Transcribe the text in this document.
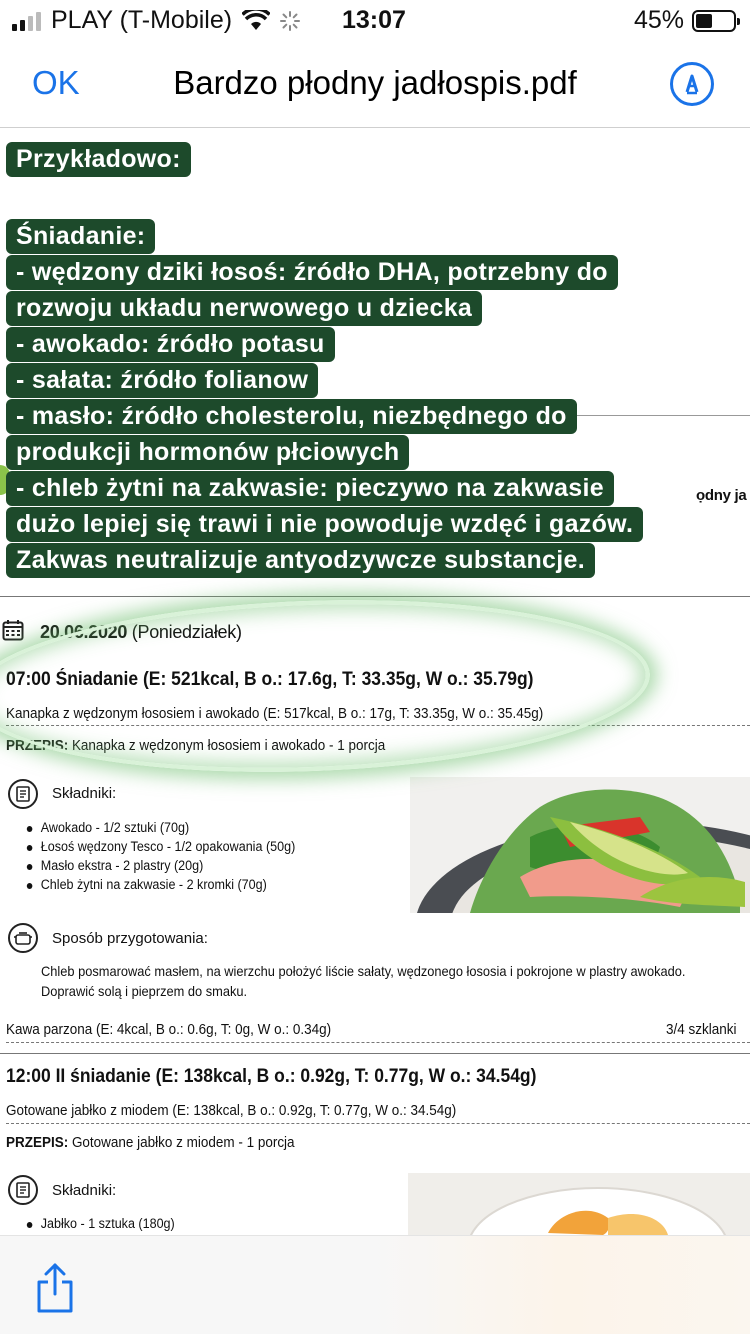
PLAY (T-Mobile)	13:07	45%
OK	Bardzo płodny jadłospis.pdf
ọdny ja
20.06.2020 (Poniedziałek)
07:00 Śniadanie (E: 521kcal, B o.: 17.6g, T: 33.35g, W o.: 35.79g)
Kanapka z wędzonym łososiem i awokado (E: 517kcal, B o.: 17g, T: 33.35g, W o.: 35.45g)
PRZEPIS: Kanapka z wędzonym łososiem i awokado - 1 porcja
Składniki:
Awokado - 1/2 sztuki (70g)
Łosoś wędzony Tesco - 1/2 opakowania (50g)
Masło ekstra - 2 plastry (20g)
Chleb żytni na zakwasie - 2 kromki (70g)
Sposób przygotowania:
Chleb posmarować masłem, na wierzchu położyć liście sałaty, wędzonego łososia i pokrojone w plastry awokado.
Doprawić solą i pieprzem do smaku.
Kawa parzona (E: 4kcal, B o.: 0.6g, T: 0g, W o.: 0.34g)	3/4 szklanki
12:00 II śniadanie (E: 138kcal, B o.: 0.92g, T: 0.77g, W o.: 34.54g)
Gotowane jabłko z miodem (E: 138kcal, B o.: 0.92g, T: 0.77g, W o.: 34.54g)
PRZEPIS: Gotowane jabłko z miodem - 1 porcja
Składniki:
Jabłko - 1 sztuka (180g)
Przykładowo:
Śniadanie:
- wędzony dziki łosoś: źródło DHA, potrzebny do
rozwoju układu nerwowego u dziecka
- awokado: źródło potasu
- sałata: źródło folianow
- masło: źródło cholesterolu, niezbędnego do
produkcji hormonów płciowych
- chleb żytni na zakwasie: pieczywo na zakwasie
dużo lepiej się trawi i nie powoduje wzdęć i gazów.
Zakwas neutralizuje antyodzywcze substancje.
